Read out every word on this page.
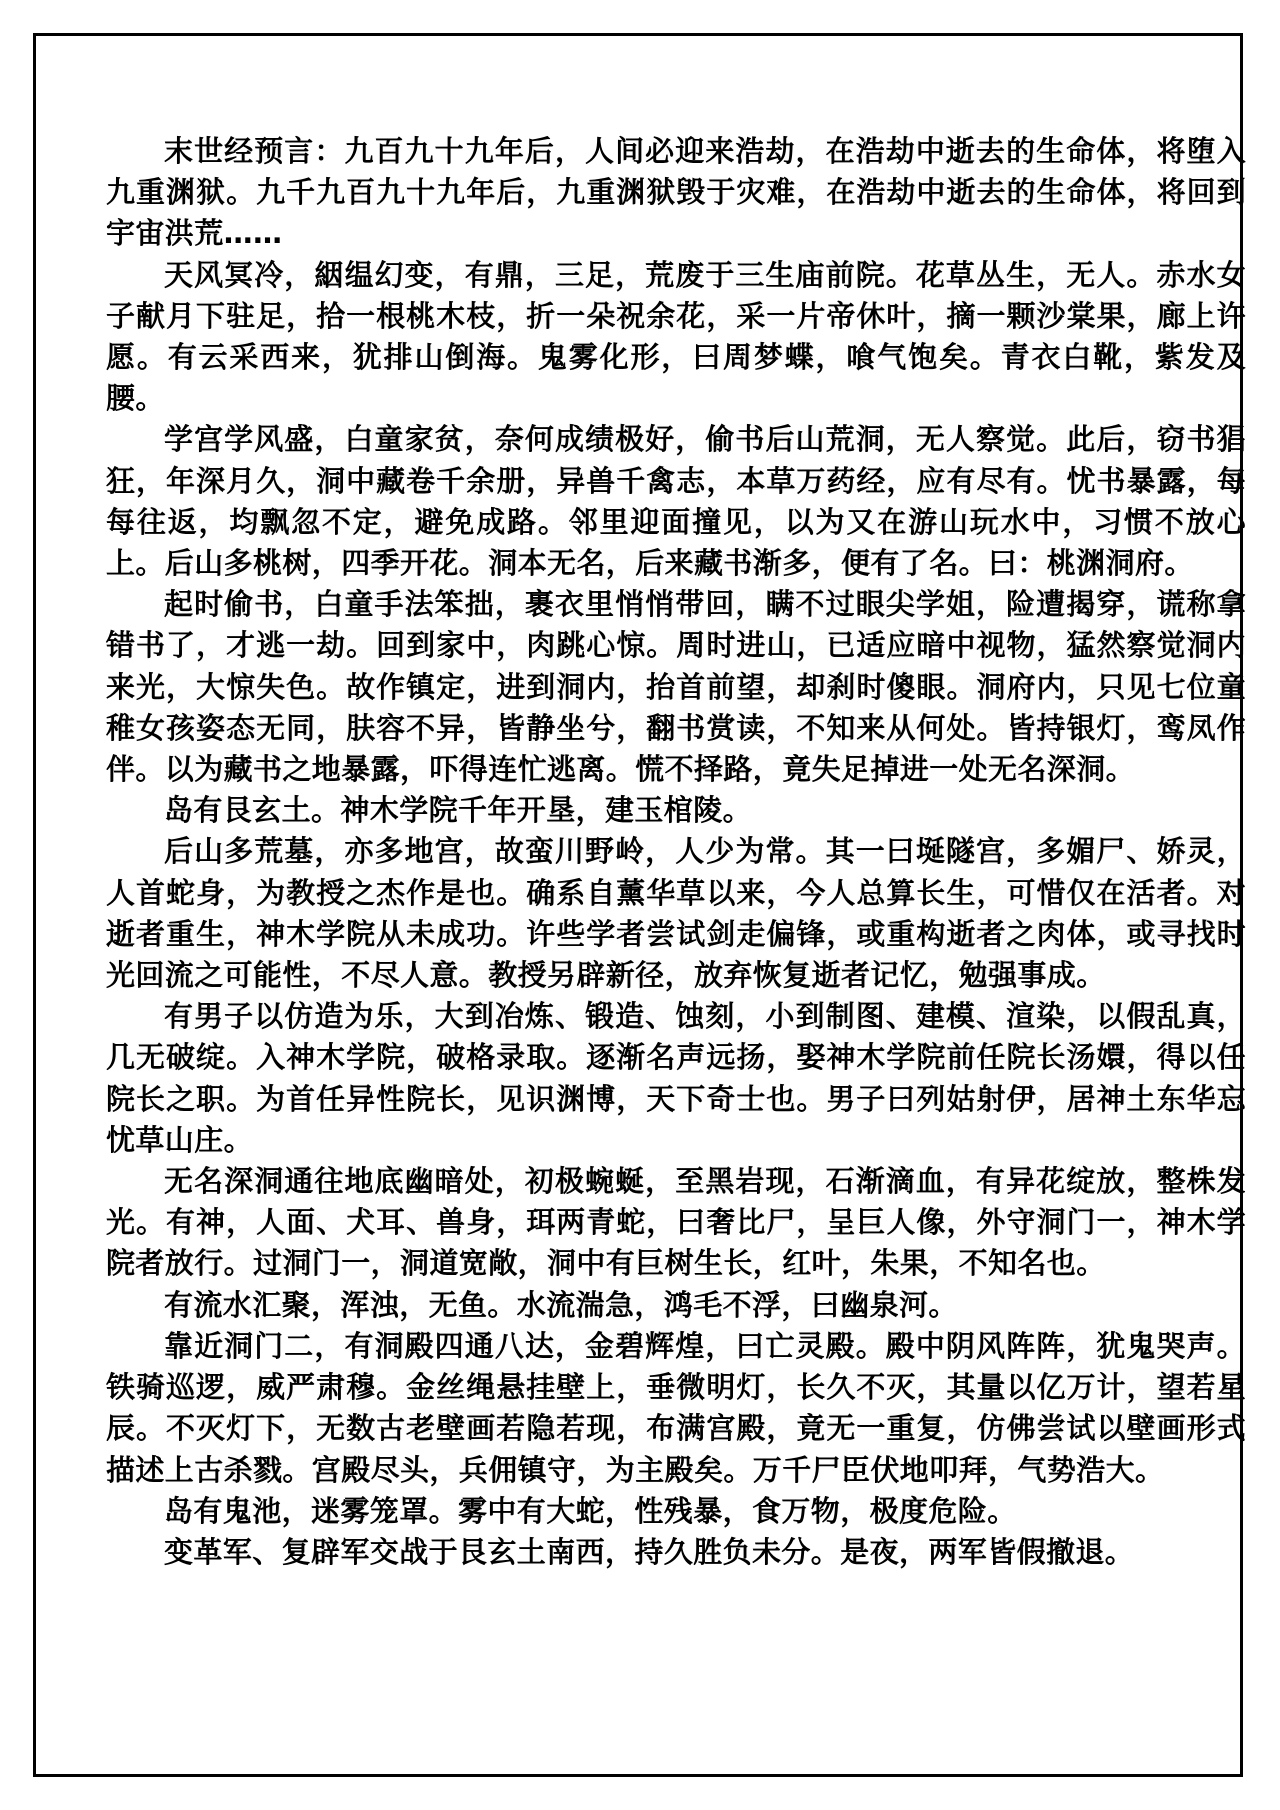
末世经预言：九百九十九年后，人间必迎来浩劫，在浩劫中逝去的生命体，将堕入九重渊狱。九千九百九十九年后，九重渊狱毁于灾难，在浩劫中逝去的生命体，将回到宇宙洪荒……

天风冥冷，絪缊幻变，有鼎，三足，荒废于三生庙前院。花草丛生，无人。赤水女子献月下驻足，拾一根桃木枝，折一朵祝余花，采一片帝休叶，摘一颗沙棠果，廊上许愿。有云采西来，犹排山倒海。鬼雾化形，曰周梦蝶，喰气饱矣。青衣白靴，紫发及腰。

学宫学风盛，白童家贫，奈何成绩极好，偷书后山荒洞，无人察觉。此后，窃书猖狂，年深月久，洞中藏卷千余册，异兽千禽志，本草万药经，应有尽有。忧书暴露，每每往返，均飘忽不定，避免成路。邻里迎面撞见，以为又在游山玩水中，习惯不放心上。后山多桃树，四季开花。洞本无名，后来藏书渐多，便有了名。曰：桃渊洞府。

起时偷书，白童手法笨拙，裹衣里悄悄带回，瞒不过眼尖学姐，险遭揭穿，谎称拿错书了，才逃一劫。回到家中，肉跳心惊。周时进山，已适应暗中视物，猛然察觉洞内来光，大惊失色。故作镇定，进到洞内，抬首前望，却刹时傻眼。洞府内，只见七位童稚女孩姿态无同，肤容不异，皆静坐兮，翻书赏读，不知来从何处。皆持银灯，鸾凤作伴。以为藏书之地暴露，吓得连忙逃离。慌不择路，竟失足掉进一处无名深洞。

岛有艮玄土。神木学院千年开垦，建玉棺陵。

后山多荒墓，亦多地宫，故蛮川野岭，人少为常。其一曰埏隧宫，多媚尸、娇灵，人首蛇身，为教授之杰作是也。确系自薰华草以来，今人总算长生，可惜仅在活者。对逝者重生，神木学院从未成功。许些学者尝试剑走偏锋，或重构逝者之肉体，或寻找时光回流之可能性，不尽人意。教授另辟新径，放弃恢复逝者记忆，勉强事成。

有男子以仿造为乐，大到冶炼、锻造、蚀刻，小到制图、建模、渲染，以假乱真，几无破绽。入神木学院，破格录取。逐渐名声远扬，娶神木学院前任院长汤嬛，得以任院长之职。为首任异性院长，见识渊博，天下奇士也。男子曰列姑射伊，居神土东华忘忧草山庄。

无名深洞通往地底幽暗处，初极蜿蜒，至黑岩现，石渐滴血，有异花绽放，整株发光。有神，人面、犬耳、兽身，珥两青蛇，曰奢比尸，呈巨人像，外守洞门一，神木学院者放行。过洞门一，洞道宽敞，洞中有巨树生长，红叶，朱果，不知名也。

有流水汇聚，浑浊，无鱼。水流湍急，鸿毛不浮，曰幽泉河。

靠近洞门二，有洞殿四通八达，金碧辉煌，曰亡灵殿。殿中阴风阵阵，犹鬼哭声。铁骑巡逻，威严肃穆。金丝绳悬挂壁上，垂微明灯，长久不灭，其量以亿万计，望若星辰。不灭灯下，无数古老壁画若隐若现，布满宫殿，竟无一重复，仿佛尝试以壁画形式描述上古杀戮。宫殿尽头，兵佣镇守，为主殿矣。万千尸臣伏地叩拜，气势浩大。

岛有鬼池，迷雾笼罩。雾中有大蛇，性残暴，食万物，极度危险。

变革军、复辟军交战于艮玄土南西，持久胜负未分。是夜，两军皆假撤退。
